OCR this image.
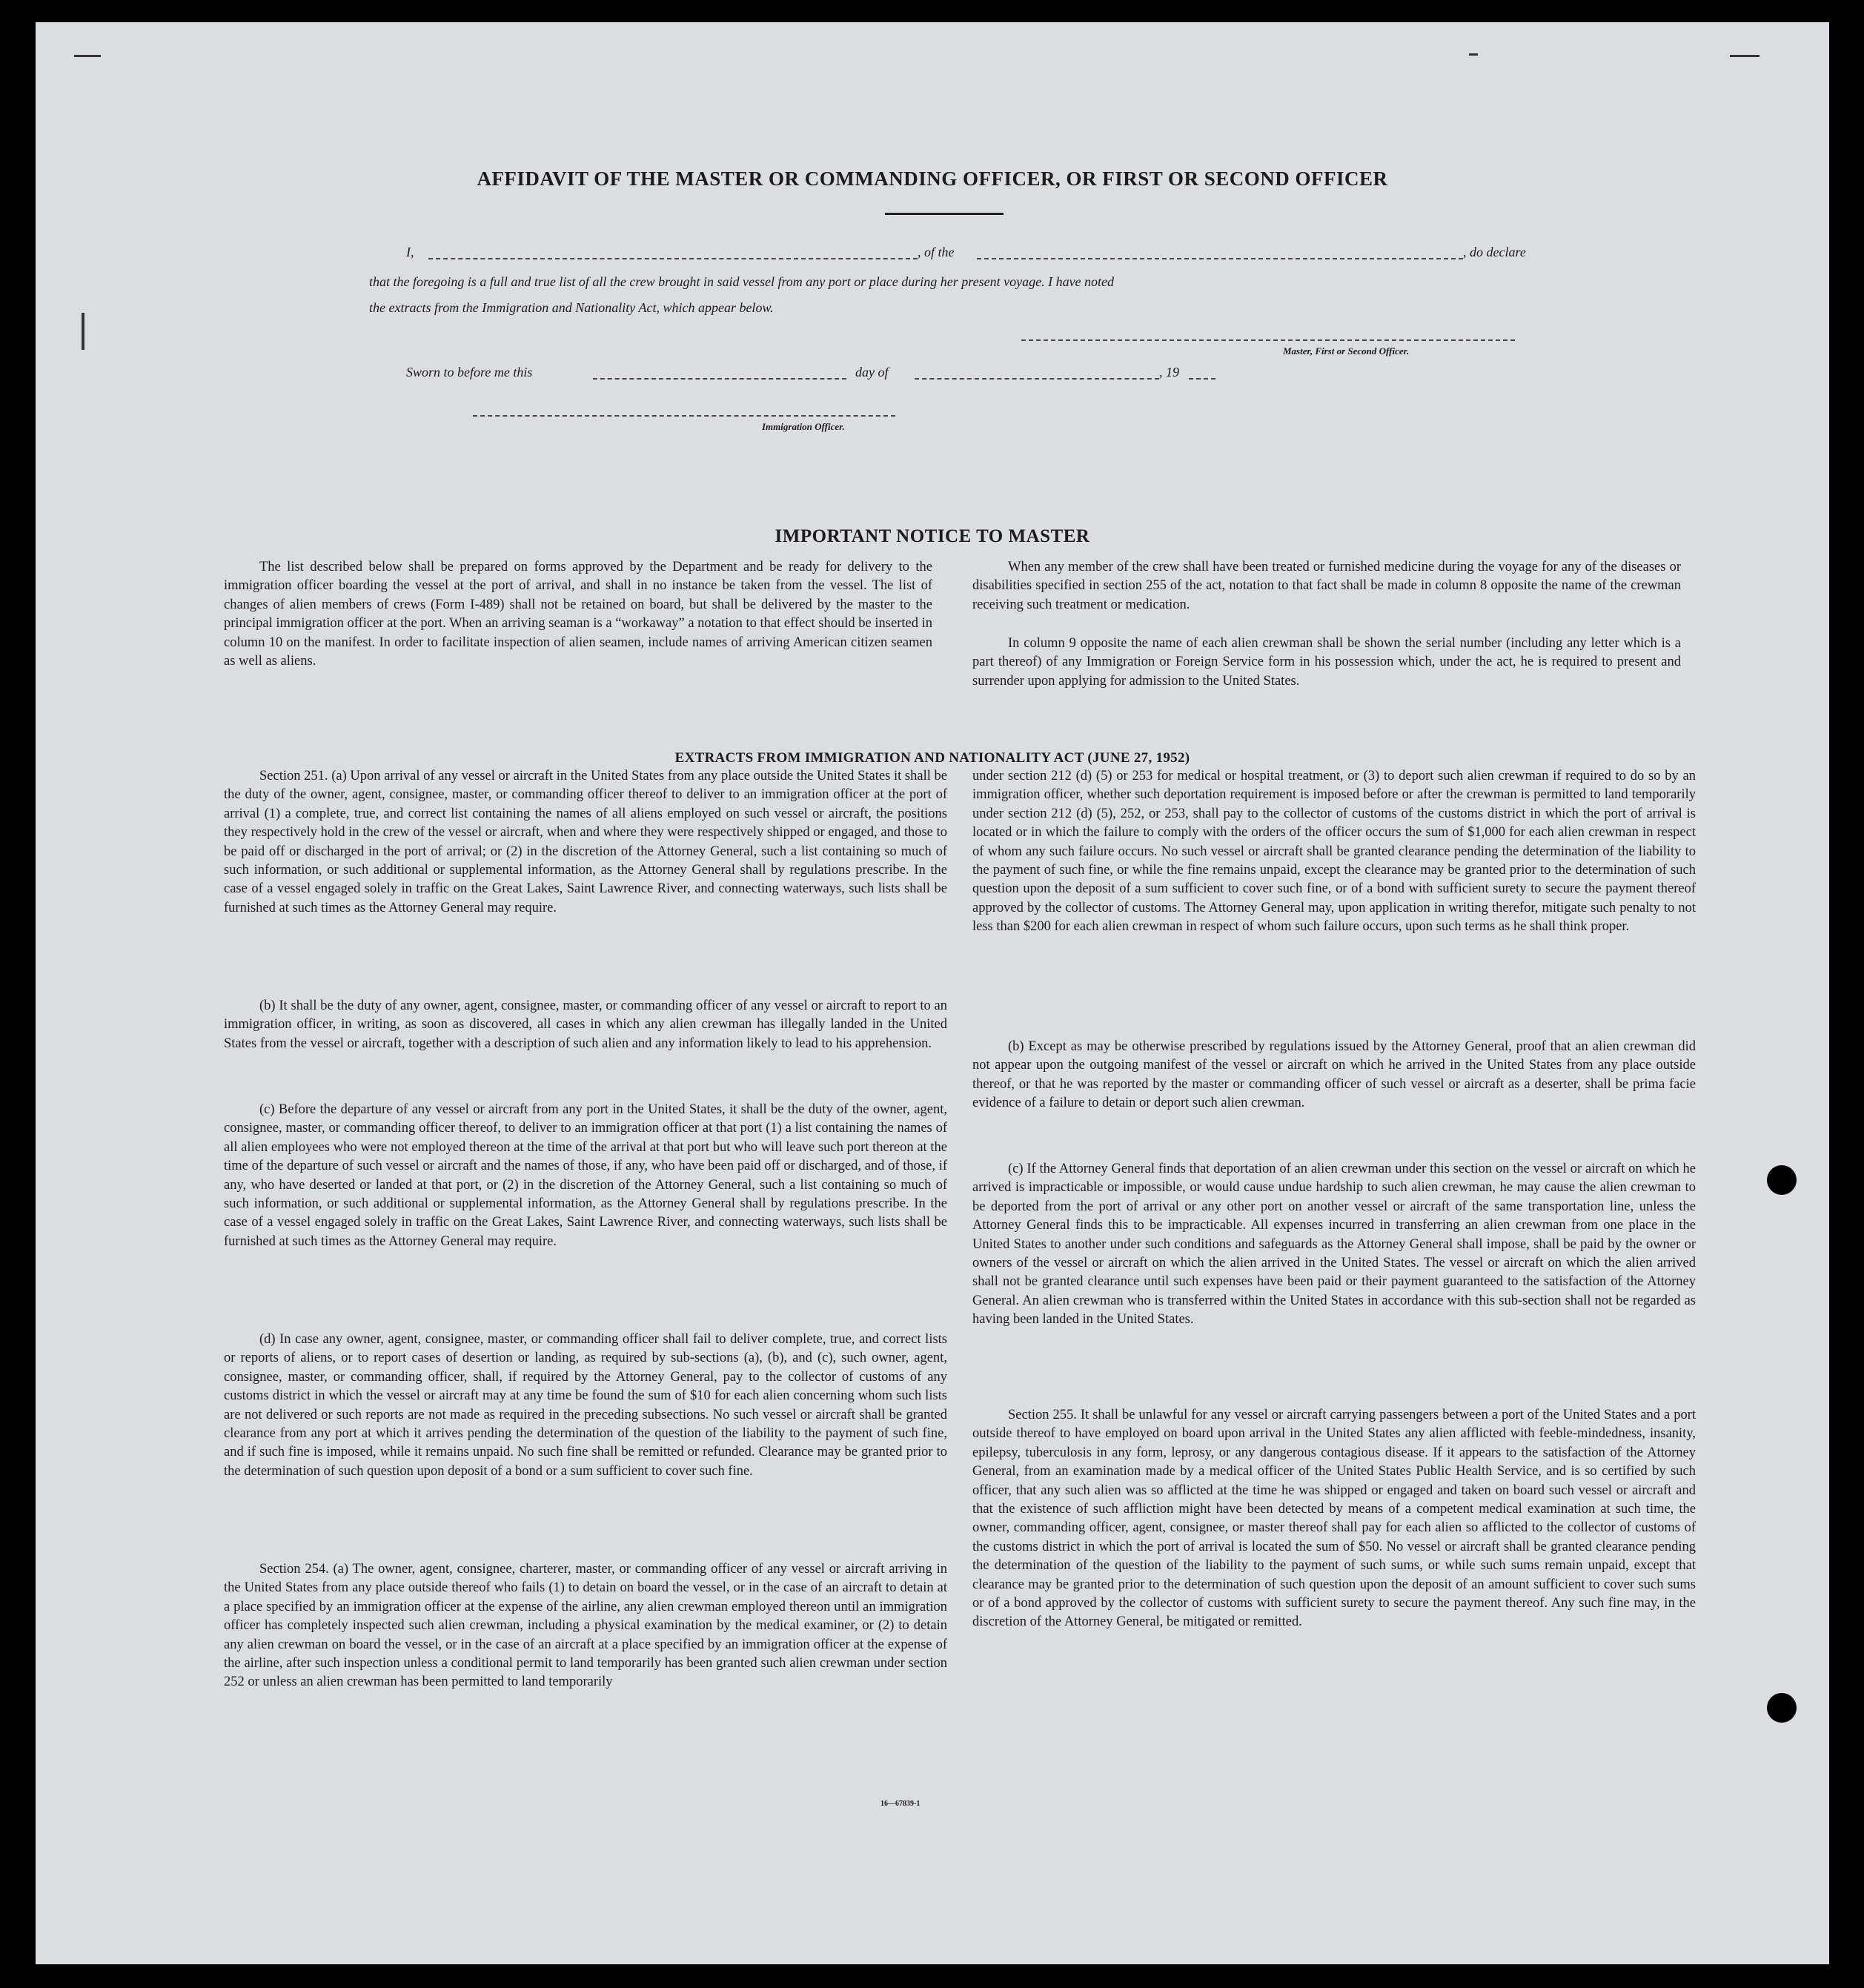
AFFIDAVIT OF THE MASTER OR COMMANDING OFFICER, OR FIRST OR SECOND OFFICER
I,	, of the	, do declare
that the foregoing is a full and true list of all the crew brought in said vessel from any port or place during her present voyage. I have noted
the extracts from the Immigration and Nationality Act, which appear below.
Master, First or Second Officer.
Sworn to before me this	day of	, 19
Immigration Officer.
IMPORTANT NOTICE TO MASTER

The list described below shall be prepared on forms approved by the Department and be ready for delivery to the immigration officer boarding the vessel at the port of arrival, and shall in no instance be taken from the vessel. The list of changes of alien members of crews (Form I-489) shall not be retained on board, but shall be delivered by the master to the principal immigration officer at the port. When an arriving seaman is a “workaway” a notation to that effect should be inserted in column 10 on the manifest. In order to facilitate inspection of alien seamen, include names of arriving American citizen seamen as well as aliens.

When any member of the crew shall have been treated or furnished medicine during the voyage for any of the diseases or disabilities specified in section 255 of the act, notation to that fact shall be made in column 8 opposite the name of the crewman receiving such treatment or medication.

In column 9 opposite the name of each alien crewman shall be shown the serial number (including any letter which is a part thereof) of any Immigration or Foreign Service form in his possession which, under the act, he is required to present and surrender upon applying for admission to the United States.

EXTRACTS FROM IMMIGRATION AND NATIONALITY ACT (JUNE 27, 1952)

Section 251. (a) Upon arrival of any vessel or aircraft in the United States from any place outside the United States it shall be the duty of the owner, agent, consignee, master, or commanding officer thereof to deliver to an immigration officer at the port of arrival (1) a complete, true, and correct list containing the names of all aliens employed on such vessel or aircraft, the positions they respectively hold in the crew of the vessel or aircraft, when and where they were respectively shipped or engaged, and those to be paid off or discharged in the port of arrival; or (2) in the discretion of the Attorney General, such a list containing so much of such information, or such additional or supplemental information, as the Attorney General shall by regulations prescribe. In the case of a vessel engaged solely in traffic on the Great Lakes, Saint Lawrence River, and connecting waterways, such lists shall be furnished at such times as the Attorney General may require.

(b) It shall be the duty of any owner, agent, consignee, master, or commanding officer of any vessel or aircraft to report to an immigration officer, in writing, as soon as discovered, all cases in which any alien crewman has illegally landed in the United States from the vessel or aircraft, together with a description of such alien and any information likely to lead to his apprehension.

(c) Before the departure of any vessel or aircraft from any port in the United States, it shall be the duty of the owner, agent, consignee, master, or commanding officer thereof, to deliver to an immigration officer at that port (1) a list containing the names of all alien employees who were not employed thereon at the time of the arrival at that port but who will leave such port thereon at the time of the departure of such vessel or aircraft and the names of those, if any, who have been paid off or discharged, and of those, if any, who have deserted or landed at that port, or (2) in the discretion of the Attorney General, such a list containing so much of such information, or such additional or supplemental information, as the Attorney General shall by regulations prescribe. In the case of a vessel engaged solely in traffic on the Great Lakes, Saint Lawrence River, and connecting waterways, such lists shall be furnished at such times as the Attorney General may require.

(d) In case any owner, agent, consignee, master, or commanding officer shall fail to deliver complete, true, and correct lists or reports of aliens, or to report cases of desertion or landing, as required by sub-sections (a), (b), and (c), such owner, agent, consignee, master, or commanding officer, shall, if required by the Attorney General, pay to the collector of customs of any customs district in which the vessel or aircraft may at any time be found the sum of $10 for each alien concerning whom such lists are not delivered or such reports are not made as required in the preceding subsections. No such vessel or aircraft shall be granted clearance from any port at which it arrives pending the determination of the question of the liability to the payment of such fine, and if such fine is imposed, while it remains unpaid. No such fine shall be remitted or refunded. Clearance may be granted prior to the determination of such question upon deposit of a bond or a sum sufficient to cover such fine.

Section 254. (a) The owner, agent, consignee, charterer, master, or commanding officer of any vessel or aircraft arriving in the United States from any place outside thereof who fails (1) to detain on board the vessel, or in the case of an aircraft to detain at a place specified by an immigration officer at the expense of the airline, any alien crewman employed thereon until an immigration officer has completely inspected such alien crewman, including a physical examination by the medical examiner, or (2) to detain any alien crewman on board the vessel, or in the case of an aircraft at a place specified by an immigration officer at the expense of the airline, after such inspection unless a conditional permit to land temporarily has been granted such alien crewman under section 252 or unless an alien crewman has been permitted to land temporarily

under section 212 (d) (5) or 253 for medical or hospital treatment, or (3) to deport such alien crewman if required to do so by an immigration officer, whether such deportation requirement is imposed before or after the crewman is permitted to land temporarily under section 212 (d) (5), 252, or 253, shall pay to the collector of customs of the customs district in which the port of arrival is located or in which the failure to comply with the orders of the officer occurs the sum of $1,000 for each alien crewman in respect of whom any such failure occurs. No such vessel or aircraft shall be granted clearance pending the determination of the liability to the payment of such fine, or while the fine remains unpaid, except the clearance may be granted prior to the determination of such question upon the deposit of a sum sufficient to cover such fine, or of a bond with sufficient surety to secure the payment thereof approved by the collector of customs. The Attorney General may, upon application in writing therefor, mitigate such penalty to not less than $200 for each alien crewman in respect of whom such failure occurs, upon such terms as he shall think proper.

(b) Except as may be otherwise prescribed by regulations issued by the Attorney General, proof that an alien crewman did not appear upon the outgoing manifest of the vessel or aircraft on which he arrived in the United States from any place outside thereof, or that he was reported by the master or commanding officer of such vessel or aircraft as a deserter, shall be prima facie evidence of a failure to detain or deport such alien crewman.

(c) If the Attorney General finds that deportation of an alien crewman under this section on the vessel or aircraft on which he arrived is impracticable or impossible, or would cause undue hardship to such alien crewman, he may cause the alien crewman to be deported from the port of arrival or any other port on another vessel or aircraft of the same transportation line, unless the Attorney General finds this to be impracticable. All expenses incurred in transferring an alien crewman from one place in the United States to another under such conditions and safeguards as the Attorney General shall impose, shall be paid by the owner or owners of the vessel or aircraft on which the alien arrived in the United States. The vessel or aircraft on which the alien arrived shall not be granted clearance until such expenses have been paid or their payment guaranteed to the satisfaction of the Attorney General. An alien crewman who is transferred within the United States in accordance with this sub-section shall not be regarded as having been landed in the United States.

Section 255. It shall be unlawful for any vessel or aircraft carrying passengers between a port of the United States and a port outside thereof to have employed on board upon arrival in the United States any alien afflicted with feeble-mindedness, insanity, epilepsy, tuberculosis in any form, leprosy, or any dangerous contagious disease. If it appears to the satisfaction of the Attorney General, from an examination made by a medical officer of the United States Public Health Service, and is so certified by such officer, that any such alien was so afflicted at the time he was shipped or engaged and taken on board such vessel or aircraft and that the existence of such affliction might have been detected by means of a competent medical examination at such time, the owner, commanding officer, agent, consignee, or master thereof shall pay for each alien so afflicted to the collector of customs of the customs district in which the port of arrival is located the sum of $50. No vessel or aircraft shall be granted clearance pending the determination of the question of the liability to the payment of such sums, or while such sums remain unpaid, except that clearance may be granted prior to the determination of such question upon the deposit of an amount sufficient to cover such sums or of a bond approved by the collector of customs with sufficient surety to secure the payment thereof. Any such fine may, in the discretion of the Attorney General, be mitigated or remitted.

16—67839-1
